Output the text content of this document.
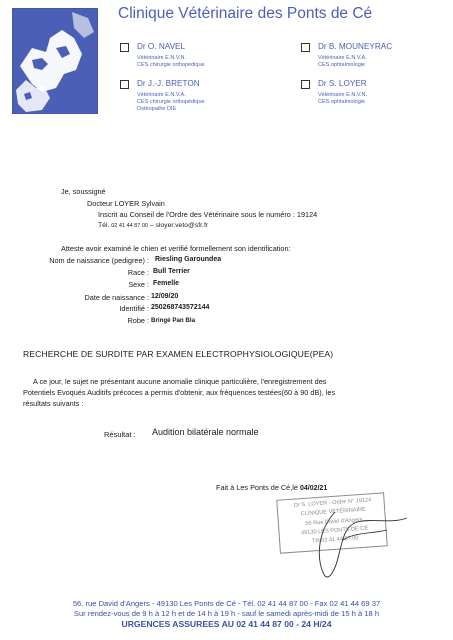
Clinique Vétérinaire des Ponts de Cé
Dr O. NAVEL
Vétérinaire E.N.V.N.
CES chirurgie orthopédique
Dr B. MOUNEYRAC
Vétérinaire E.N.V.A.
CES ophtalmologie
Dr J.-J. BRETON
Vétérinaire E.N.V.A.
CES chirurgie orthopédique
Ostéopathe DIE
Dr S. LOYER
Vétérinaire E.N.V.N.
CES ophtalmologie
Je, soussigné
Docteur LOYER Sylvain
Inscrit au Conseil de l'Ordre des Vétérinaire sous le numéro : 19124
Tél. 02 41 44 87 00 – sloyer.veto@sfr.fr
Atteste avoir examiné le chien et verifié formellement son identification:
Nom de naissance (pedigree) : Riesling Garoundea
Race : Bull Terrier
Sexe : Femelle
Date de naissance : 12/09/20
Identifié : 250268743572144
Robe : Bringé Pan Bla
RECHERCHE DE SURDITE PAR EXAMEN ELECTROPHYSIOLOGIQUE(PEA)
A ce jour, le sujet ne présentant aucune anomalie clinique particulière, l'enregistrement des
Potentiels Evoqués Auditifs précoces a permis d'obtenir, aux fréquences testées(60 à 90 dB), les
résultats suivants :
Résultat : Audition bilatérale normale
Fait à Les Ponts de Cé,le 04/02/21
Dr S. LOYER - Ordre N° 19124
CLINIQUE VÉTÉRINAIRE
56 Rue David d'Angers
49130 LES PONTS DE CÉ
Tél 02 41 44 87 00
56, rue David d'Angers - 49130 Les Ponts de Cé - Tél. 02 41 44 87 00 - Fax 02 41 44 69 37
Sur rendez-vous de 9 h à 12 h et de 14 h à 19 h - sauf le samedi après-midi de 15 h à 18 h
URGENCES ASSUREES AU 02 41 44 87 00 - 24 H/24
